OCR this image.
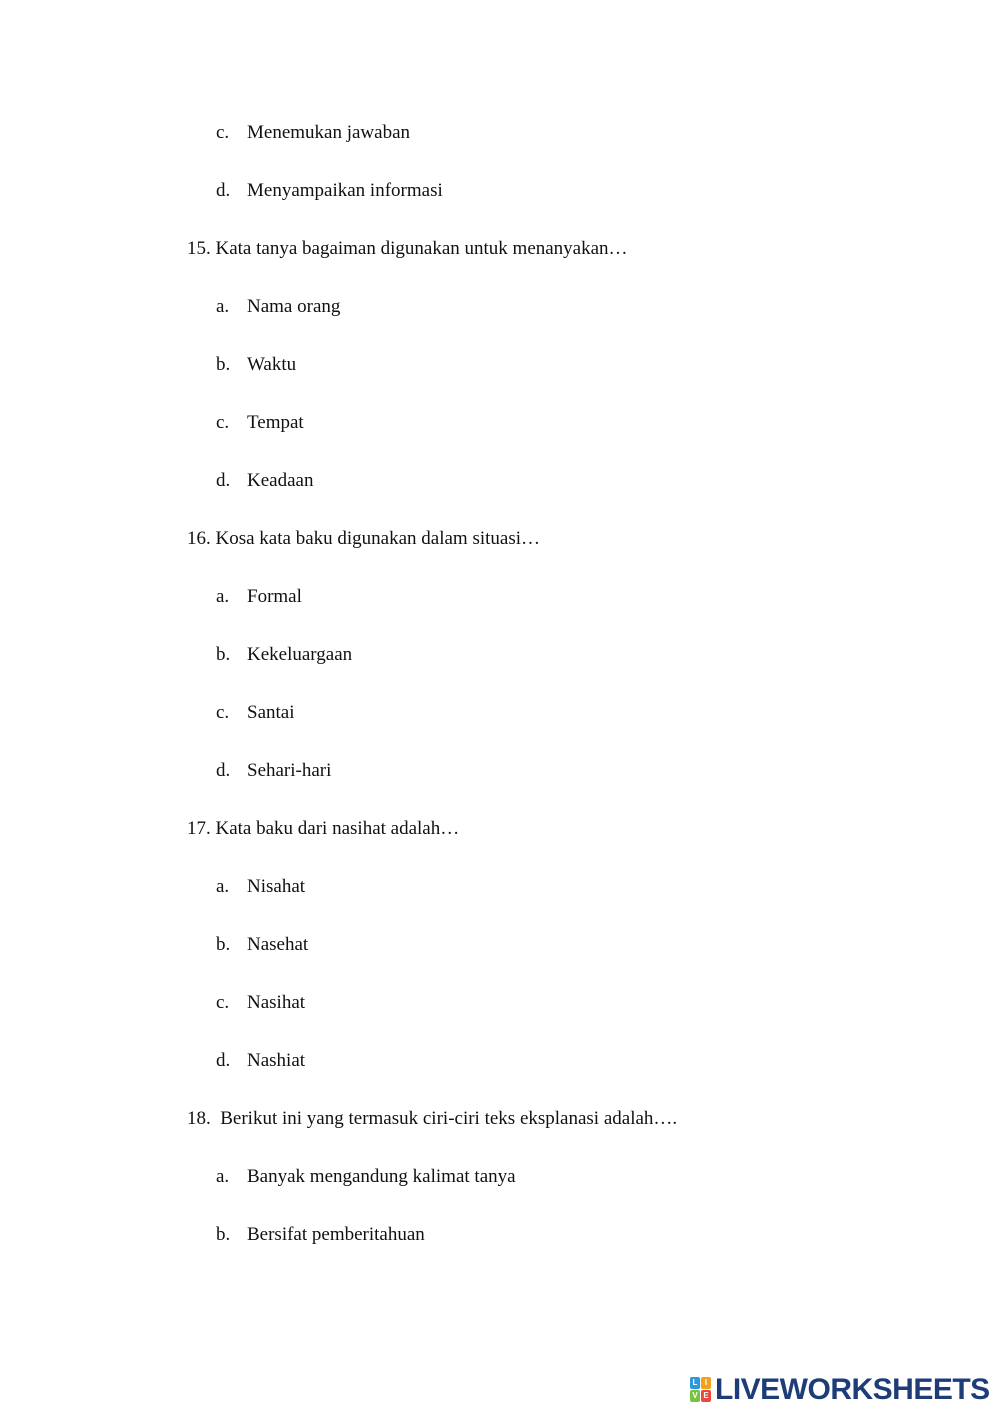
c. Menemukan jawaban
d. Menyampaikan informasi
15. Kata tanya bagaiman digunakan untuk menanyakan…
a. Nama orang
b. Waktu
c. Tempat
d. Keadaan
16. Kosa kata baku digunakan dalam situasi…
a. Formal
b. Kekeluargaan
c. Santai
d. Sehari-hari
17. Kata baku dari nasihat adalah…
a. Nisahat
b. Nasehat
c. Nasihat
d. Nashiat
18.  Berikut ini yang termasuk ciri-ciri teks eksplanasi adalah….
a. Banyak mengandung kalimat tanya
b. Bersifat pemberitahuan
L I
V E LIVEWORKSHEETS
